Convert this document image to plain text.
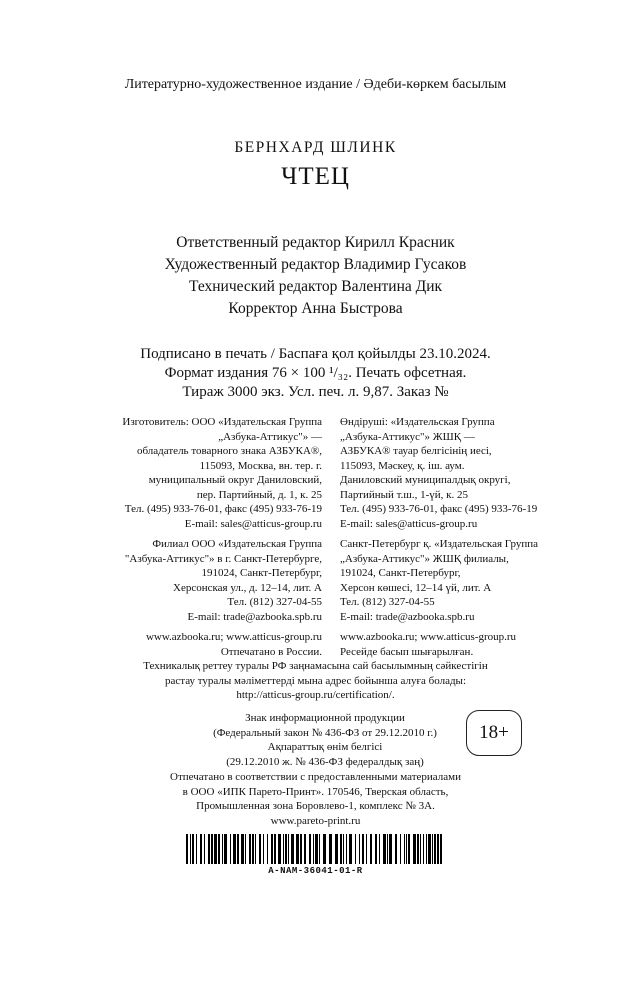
Литературно-художественное издание / Әдеби-көркем басылым
БЕРНХАРД ШЛИНК
ЧТЕЦ
Ответственный редактор Кирилл Красник
Художественный редактор Владимир Гусаков
Технический редактор Валентина Дик
Корректор Анна Быстрова
Подписано в печать / Баспаға қол қойылды 23.10.2024.
Формат издания 76 × 100 ¹/₃₂. Печать офсетная.
Тираж 3000 экз. Усл. печ. л. 9,87. Заказ №

Изготовитель: ООО «Издательская Группа

„Азбука-Аттикус"» —

обладатель товарного знака АЗБУКА®,

115093, Москва, вн. тер. г.

муниципальный округ Даниловский,

пер. Партийный, д. 1, к. 25

Тел. (495) 933-76-01, факс (495) 933-76-19

E-mail: sales@atticus-group.ru

Филиал ООО «Издательская Группа

"Азбука-Аттикус"» в г. Санкт-Петербурге,

191024, Санкт-Петербург,

Херсонская ул., д. 12–14, лит. А

Тел. (812) 327-04-55

E-mail: trade@azbooka.spb.ru

www.azbooka.ru; www.atticus-group.ru

Отпечатано в России.

Өндіруші: «Издательская Группа

„Азбука-Аттикус"» ЖШҚ —

АЗБУКА® тауар белгісінің иесі,

115093, Мәскеу, қ. іш. аум.

Даниловский муниципалдық округі,

Партийный т.ш., 1-үй, к. 25

Тел. (495) 933-76-01, факс (495) 933-76-19

E-mail: sales@atticus-group.ru

Санкт-Петербург қ. «Издательская Группа

„Азбука-Аттикус"» ЖШҚ филиалы,

191024, Санкт-Петербург,

Херсон көшесі, 12–14 үй, лит. А

Тел. (812) 327-04-55

E-mail: trade@azbooka.spb.ru

www.azbooka.ru; www.atticus-group.ru

Ресейде басып шығарылған.

Техникалық реттеу туралы РФ заңнамасына сай басылымның сәйкестігін

растау туралы мәліметтерді мына адрес бойынша алуға болады:

http://atticus-group.ru/certification/.

Знак информационной продукции

(Федеральный закон № 436-ФЗ от 29.12.2010 г.)

Ақпараттық өнім белгісі

(29.12.2010 ж. № 436-ФЗ федералдық заң)

18+

Отпечатано в соответствии с предоставленными материалами

в ООО «ИПК Парето-Принт». 170546, Тверская область,

Промышленная зона Боровлево-1, комплекс № 3А.

www.pareto-print.ru

A-NAM-36041-01-R
